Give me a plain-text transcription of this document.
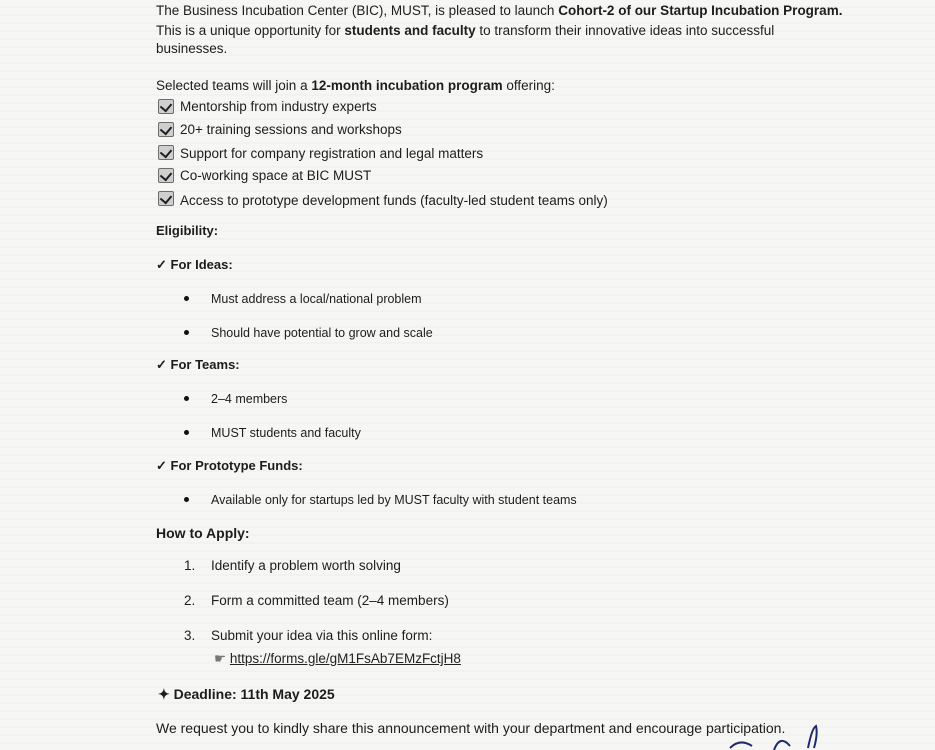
The Business Incubation Center (BIC), MUST, is pleased to launch Cohort-2 of our Startup Incubation Program.
This is a unique opportunity for students and faculty to transform their innovative ideas into successful
businesses.
Selected teams will join a 12-month incubation program offering:
Mentorship from industry experts
20+ training sessions and workshops
Support for company registration and legal matters
Co-working space at BIC MUST
Access to prototype development funds (faculty-led student teams only)
Eligibility:
✓ For Ideas:
Must address a local/national problem
Should have potential to grow and scale
✓ For Teams:
2–4 members
MUST students and faculty
✓ For Prototype Funds:
Available only for startups led by MUST faculty with student teams
How to Apply:
1. Identify a problem worth solving
2. Form a committed team (2–4 members)
3. Submit your idea via this online form:
☛ https://forms.gle/gM1FsAb7EMzFctjH8
✦ Deadline: 11th May 2025
We request you to kindly share this announcement with your department and encourage participation.
